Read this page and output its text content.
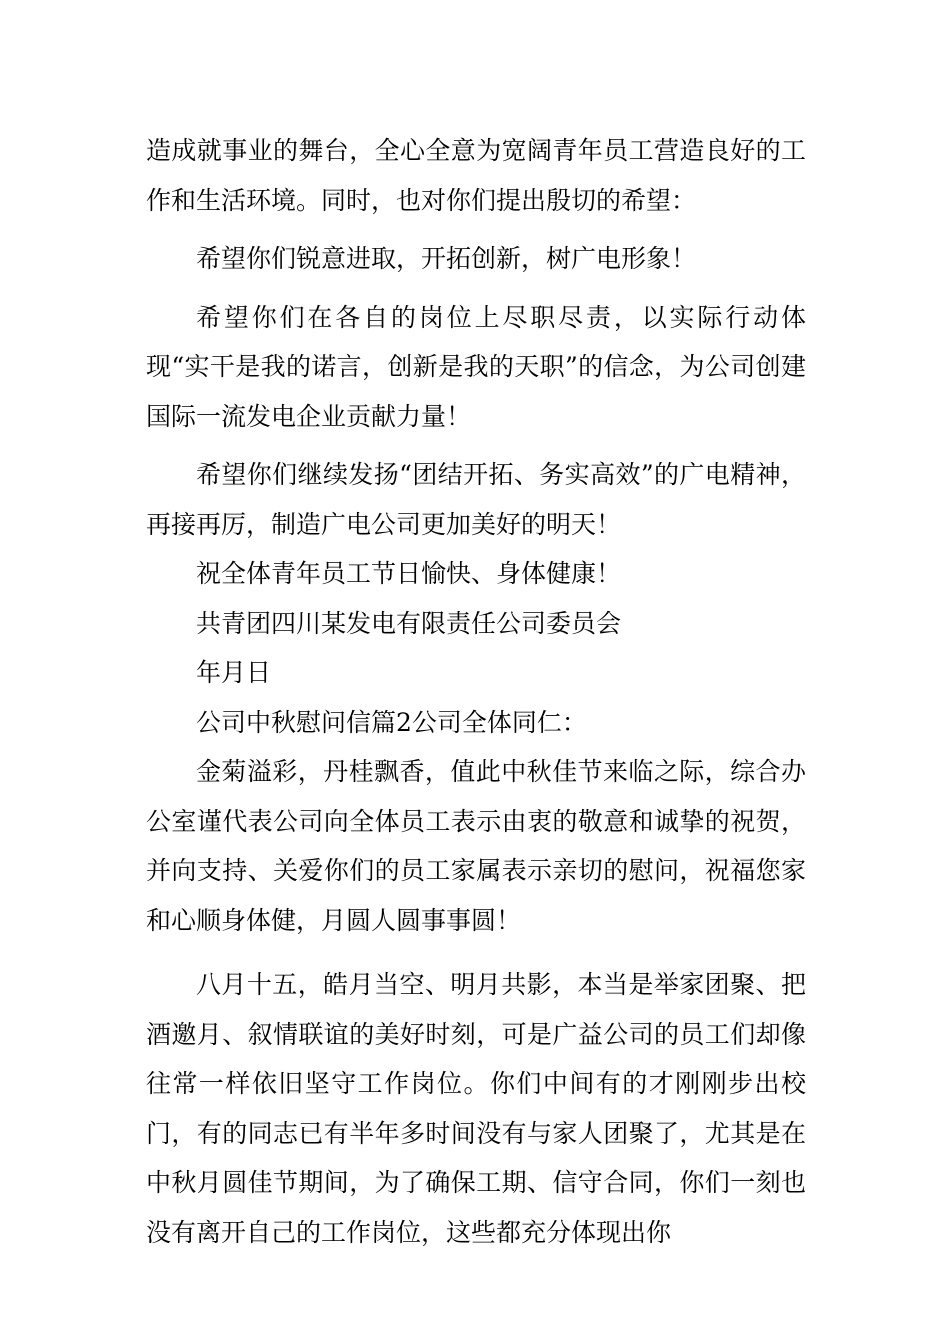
造成就事业的舞台，全心全意为宽阔青年员工营造良好的工作和生活环境。同时，也对你们提出殷切的希望：

希望你们锐意进取，开拓创新，树广电形象！

希望你们在各自的岗位上尽职尽责，以实际行动体现“实干是我的诺言，创新是我的天职”的信念，为公司创建国际一流发电企业贡献力量！

希望你们继续发扬“团结开拓、务实高效”的广电精神，再接再厉，制造广电公司更加美好的明天！

祝全体青年员工节日愉快、身体健康！

共青团四川某发电有限责任公司委员会

年月日

公司中秋慰问信篇2公司全体同仁：

金菊溢彩，丹桂飘香，值此中秋佳节来临之际，综合办公室谨代表公司向全体员工表示由衷的敬意和诚挚的祝贺，并向支持、关爱你们的员工家属表示亲切的慰问，祝福您家和心顺身体健，月圆人圆事事圆！

八月十五，皓月当空、明月共影，本当是举家团聚、把酒邀月、叙情联谊的美好时刻，可是广益公司的员工们却像往常一样依旧坚守工作岗位。你们中间有的才刚刚步出校门，有的同志已有半年多时间没有与家人团聚了，尤其是在中秋月圆佳节期间，为了确保工期、信守合同，你们一刻也没有离开自己的工作岗位，这些都充分体现出你
